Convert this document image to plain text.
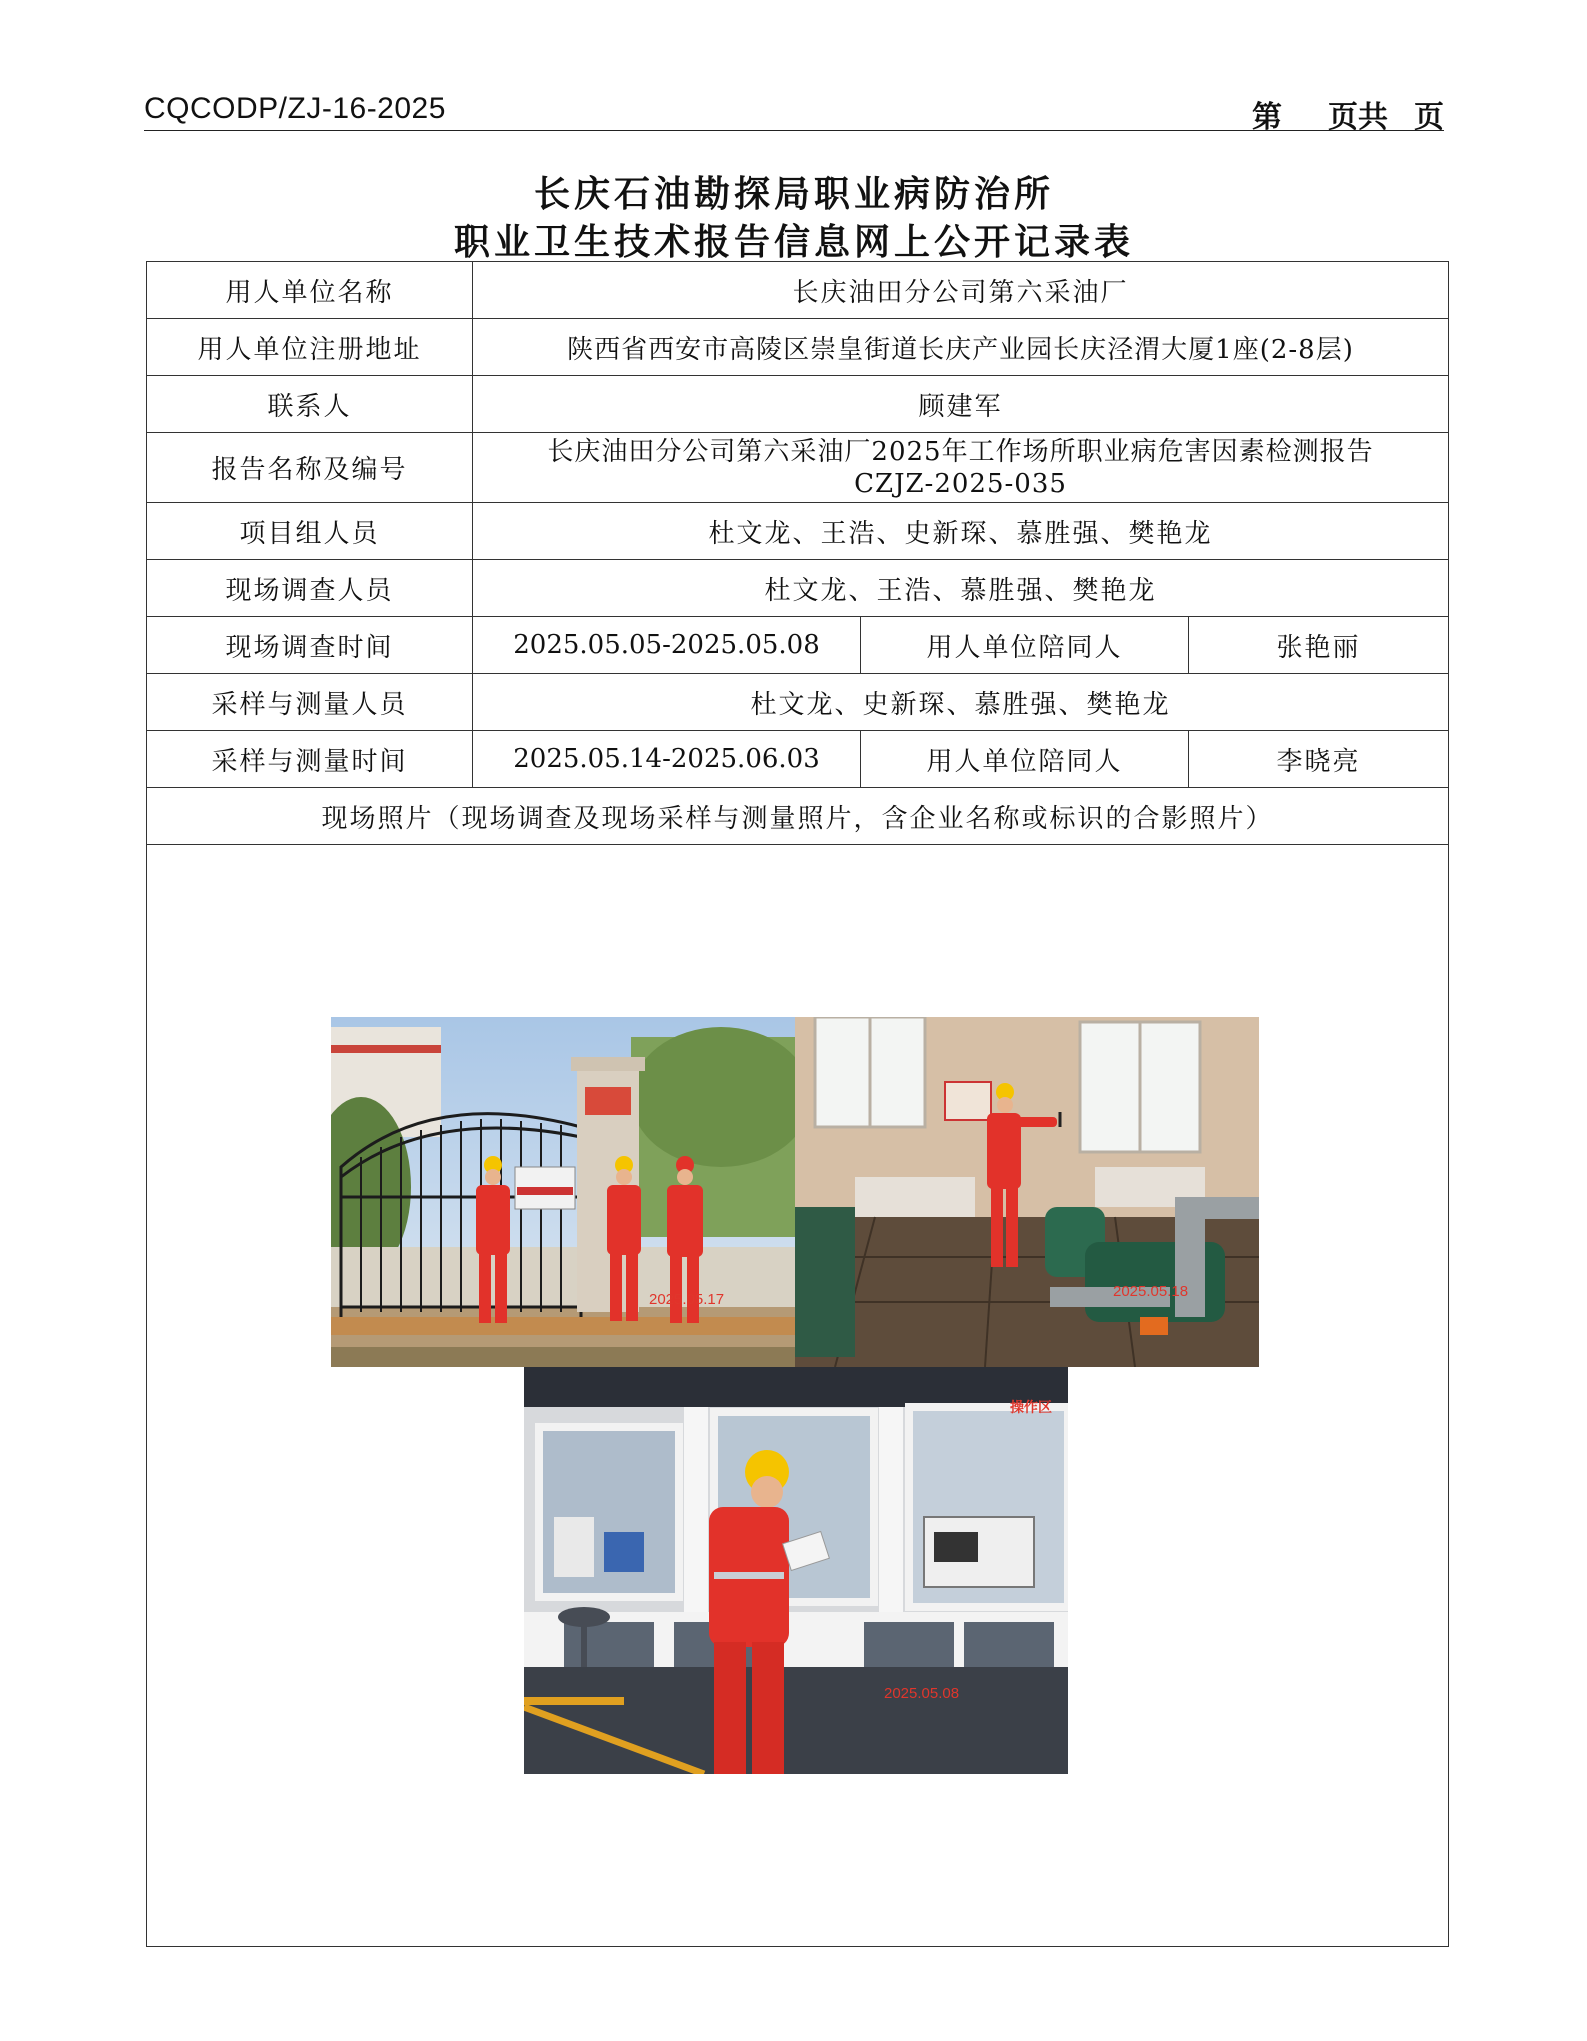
CQCODP/ZJ-16-2025	第 页共 页
长庆石油勘探局职业病防治所
职业卫生技术报告信息网上公开记录表
用人单位名称	长庆油田分公司第六采油厂		
用人单位注册地址	陕西省西安市高陵区崇皇街道长庆产业园长庆泾渭大厦1座(2-8层)		
联系人	顾建军		
报告名称及编号	长庆油田分公司第六采油厂2025年工作场所职业病危害因素检测报告
CZJZ-2025-035		

项目组人员	杜文龙、王浩、史新琛、慕胜强、樊艳龙		
现场调查人员	杜文龙、王浩、慕胜强、樊艳龙		
现场调查时间	2025.05.05-2025.05.08	用人单位陪同人	张艳丽
采样与测量人员	杜文龙、史新琛、慕胜强、樊艳龙		
采样与测量时间	2025.05.14-2025.06.03	用人单位陪同人	李晓亮
现场照片（现场调查及现场采样与测量照片，含企业名称或标识的合影照片）			

2025.05.17 2025.05.18
操作区
2025.05.08			
